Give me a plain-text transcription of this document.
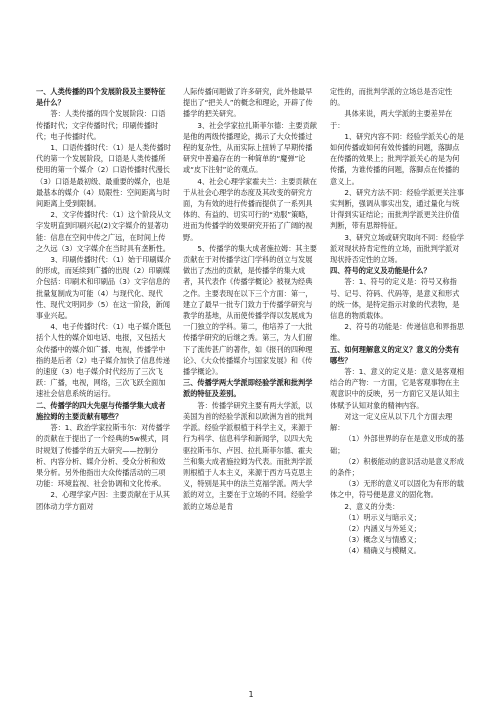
一、人类传播的四个发展阶段及主要特征是什么？

答：人类传播的四个发展阶段：口语传播时代；文字传播时代；印刷传播时代；电子传播时代。

1、口语传播时代：（1）是人类传播时代的第一个发展阶段，口语是人类传播所使用的第一个媒介（2）口语传播时代漫长（3）口语是最初级、最重要的媒介，也是最基本的媒介（4）局限性：空间距离与时间距离上受到限制。

2、文字传播时代：（1）这个阶段从文字发明直到印刷兴起(2)文字媒介的显著功能：信息在空间中传之广远，在时间上传之久远（3）文字媒介在当时具有垄断性。

3、印刷传播时代：（1）始于印刷媒介的形成，而延续到广播的出现（2）印刷媒介包括：印刷术和印刷品（3）文字信息的批量复制成为可能（4）与现代化、现代性、现代文明同步（5）在这一阶段，新闻事业兴起。

4、电子传播时代：（1）电子媒介既包括个人性的媒介如电话、电报，又包括大众传播中的媒介如广播、电视，传播学中指的是后者（2）电子媒介加快了信息传递的速度（3）电子媒介时代经历了三次飞跃：广播，电视，网络，三次飞跃全面加速社会信息系统的运行。

二、传播学的四大先驱与传播学集大成者施拉姆的主要贡献有哪些？

答：1、政治学家拉斯韦尔：对传播学的贡献在于提出了一个经典的5w模式，同时规划了传播学的五大研究——控制分析、内容分析、媒介分析、受众分析和效果分析。另外他指出大众传播活动的三项功能：环境监视、社会协调和文化传承。

2、心理学家卢因：主要贡献在于从其团体动力学方面对

人际传播问题做了许多研究，此外他最早提出了“把关人”的概念和理论，开辟了传播学的把关研究。

3、社会学家拉扎斯菲尔德：主要贡献是他的两级传播理论，揭示了大众传播过程的复杂性，从而实际上扭转了早期传播研究中普遍存在的一种简单的“魔弹”论或“皮下注射”论的观点。

4、社会心理学家霍夫兰：主要贡献在于从社会心理学的态度及其改变的研究方面，为有效的进行传播而提供了一系列具体的、有益的、切实可行的“劝服”策略，进而为传播学的效果研究开拓了广阔的视野。

5、传播学的集大成者施拉姆：其主要贡献在于对传播学这门学科的创立与发展做出了杰出的贡献，是传播学的集大成者，其代表作《传播学概论》被视为经典之作。主要表现在以下三个方面：第一，建立了最早一批专门致力于传播学研究与教学的基地，从而使传播学得以发展成为一门独立的学科。第二，他培养了一大批传播学研究的后继之秀。第三，为人们留下了流传甚广的著作，如《报刊的四种理论》、《大众传播媒介与国家发展》和《传播学概论》。

三、传播学两大学派即经验学派和批判学派的特征及差别。

答：传播学研究主要有两大学派，以美国为首的经验学派和以欧洲为首的批判学派。经验学派根植于科学主义，来源于行为科学、信息科学和新闻学，以四大先驱拉斯韦尔、卢因、拉扎斯菲尔德、霍夫兰和集大成者施拉姆为代表。而批判学派则根植于人本主义，来源于西方马克思主义，特别是其中的法兰克福学派。两大学派的对立，主要在于立场的不同。经验学派的立场总是肯

定性的，而批判学派的立场总是否定性的。

具体来说，两大学派的主要差异在于：

1、研究内容不同：经验学派关心的是如何传播或如何有效传播的问题，落脚点在传播的效果上；批判学派关心的是为何传播，为谁传播的问题，落脚点在传播的意义上。

2、研究方法不同：经验学派更关注事实判断，强调从事实出发，通过量化与统计得到实证结论；而批判学派更关注价值判断，带有思辩特征。

3、研究立场或研究取向不同：经验学派对现状持肯定性的立场，而批判学派对现状持否定性的立场。

四、符号的定义及功能是什么？

答：1、符号的定义是：符号又称指号、记号、符码、代码等，是意义和形式的统一体，是特定指示对象的代表物，是信息的物质载体。

2、符号的功能是：传递信息和界指思维。

五、如何理解意义的定义？意义的分类有哪些？

答：1、意义的定义是：意义是客观相结合的产物：一方面，它是客观事物在主观意识中的反映，另一方面它又是认知主体赋予认知对象的精神内容。

对这一定义应从以下几个方面去理解：

（1）外部世界的存在是意义形成的基础；

（2）积极能动的意识活动是意义形成的条件；

（3）无形的意义可以固化为有形的载体之中，符号便是意义的固化物。

2、意义的分类：

（1）明示义与暗示义；

（2）内涵义与外延义；

（3）概念义与情感义；

（4）精确义与模糊义。

1
